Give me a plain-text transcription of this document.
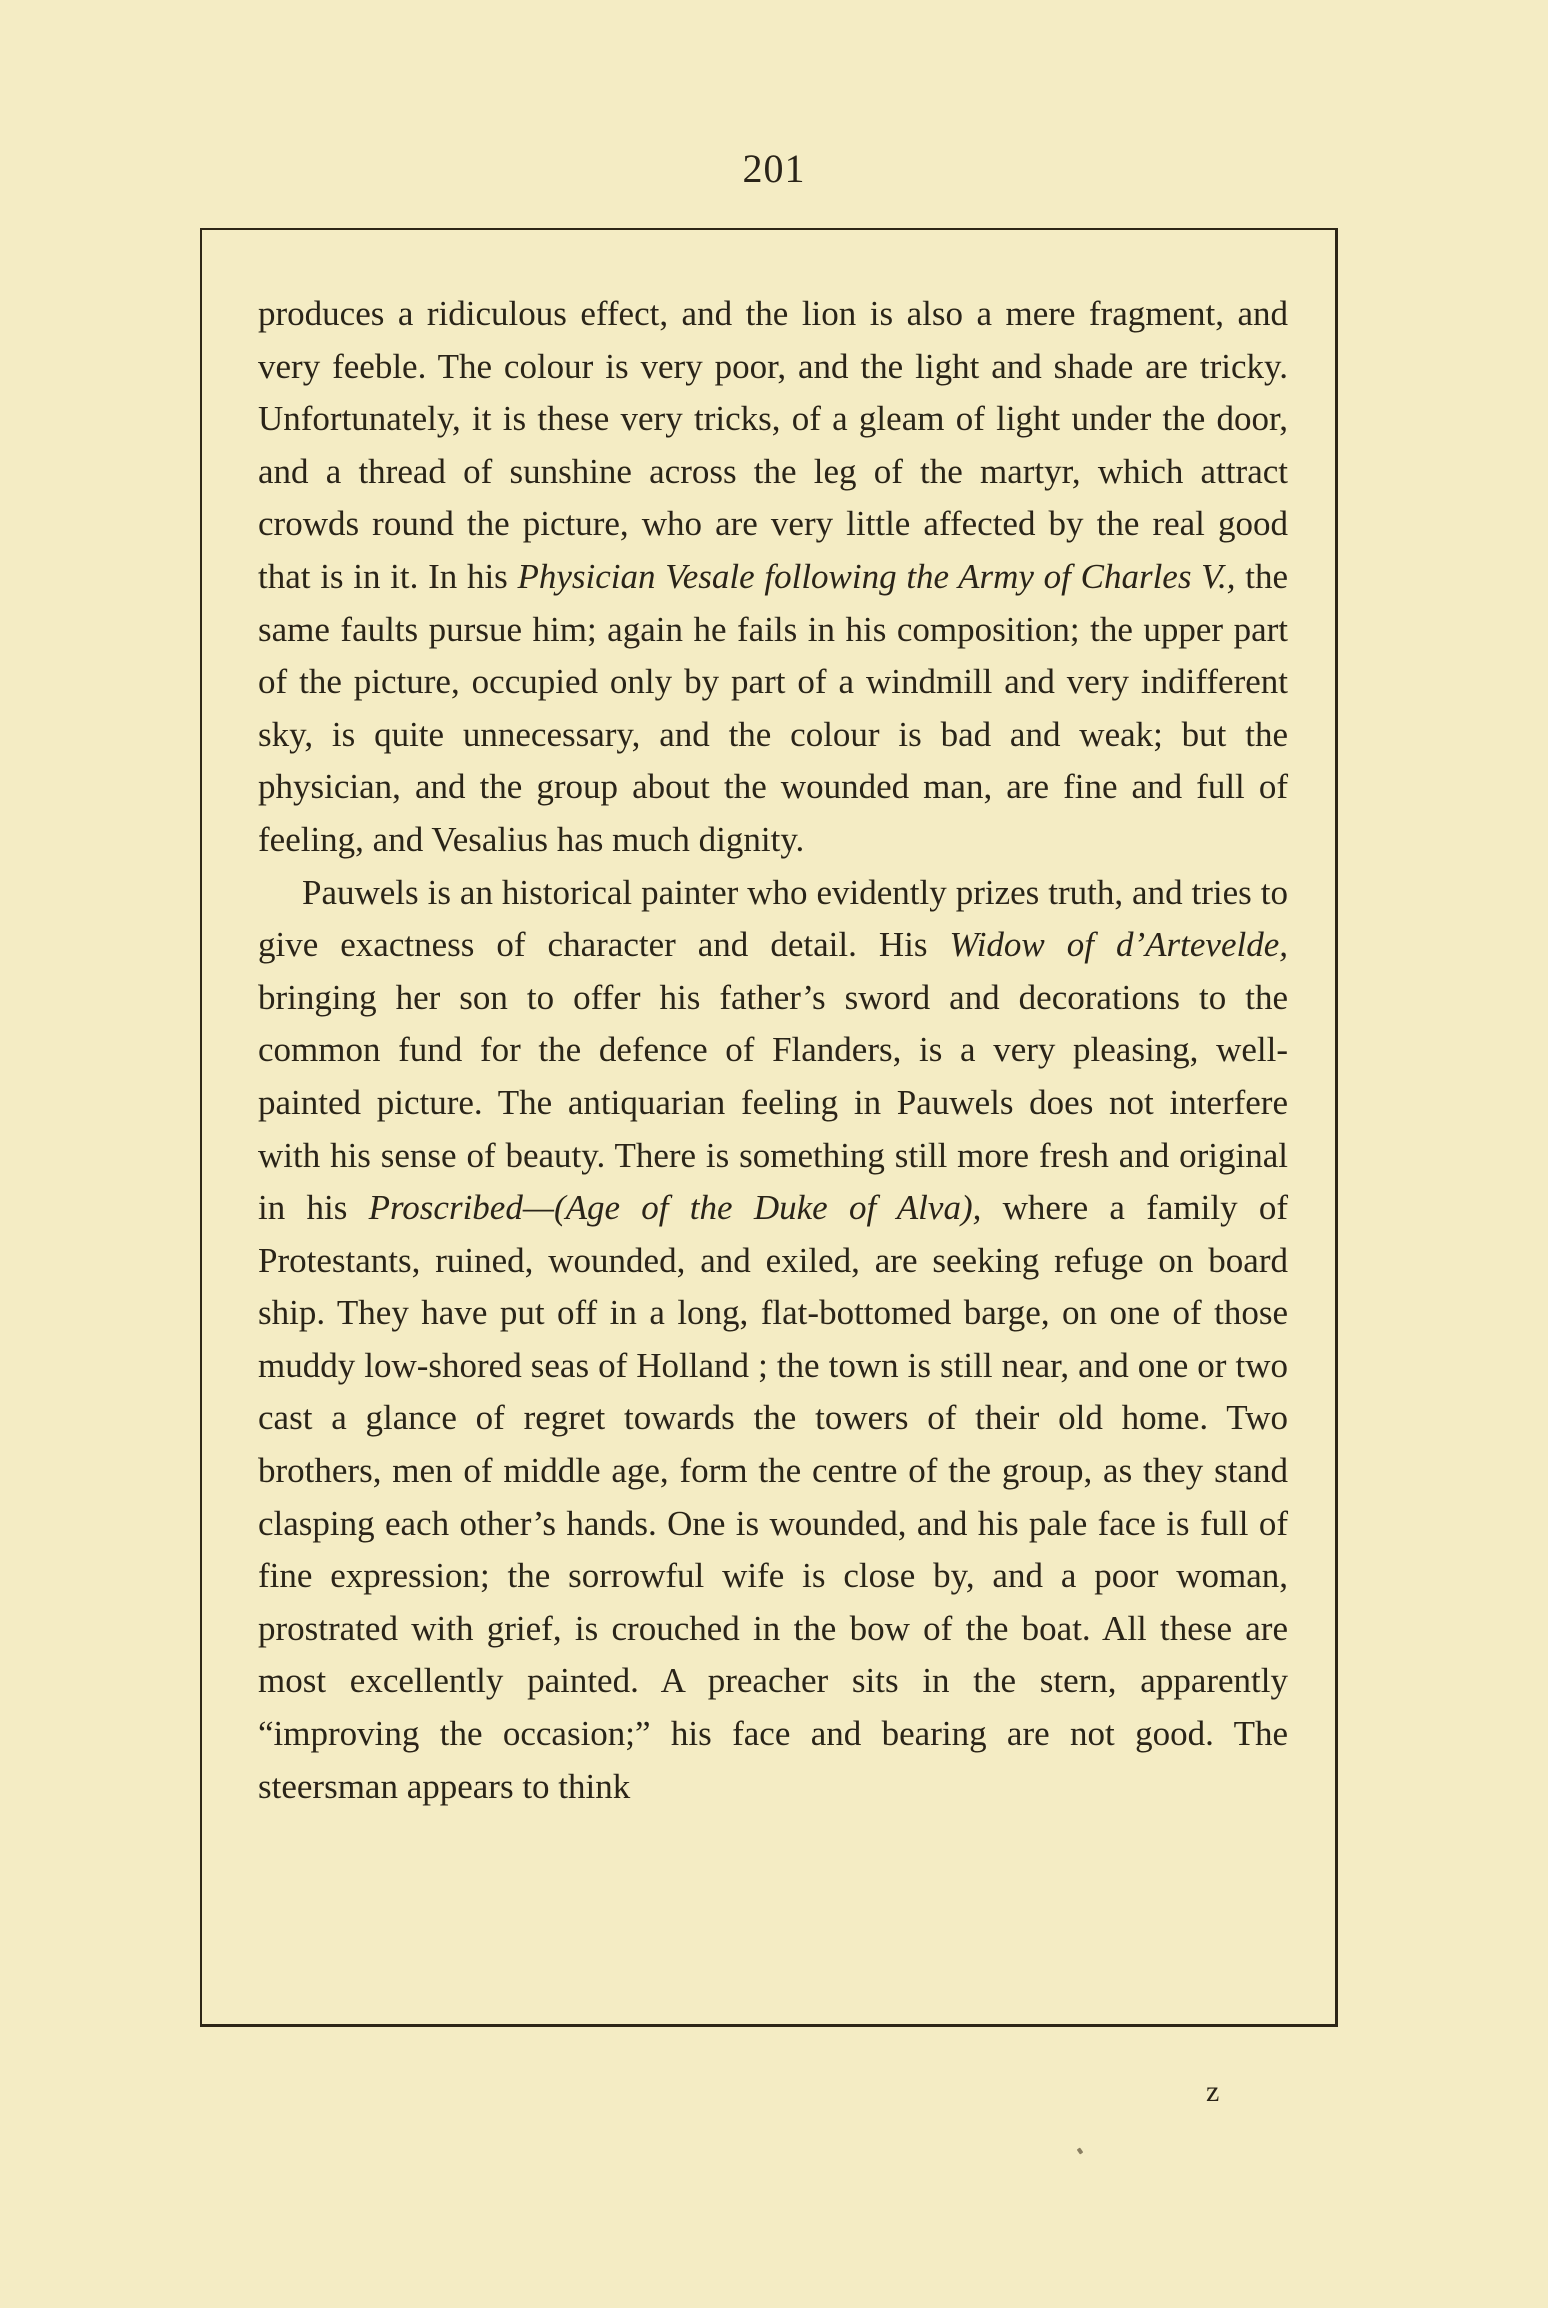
201

produces a ridiculous effect, and the lion is also a mere fragment, and very feeble. The colour is very poor, and the light and shade are tricky. Unfortunately, it is these very tricks, of a gleam of light under the door, and a thread of sunshine across the leg of the martyr, which attract crowds round the picture, who are very little affected by the real good that is in it. In his Physician Vesale following the Army of Charles V., the same faults pursue him; again he fails in his composition; the upper part of the picture, occupied only by part of a windmill and very indifferent sky, is quite unnecessary, and the colour is bad and weak; but the physician, and the group about the wounded man, are fine and full of feeling, and Vesalius has much dignity.

Pauwels is an historical painter who evidently prizes truth, and tries to give exactness of character and detail. His Widow of d’Artevelde, bringing her son to offer his father’s sword and decorations to the common fund for the defence of Flanders, is a very pleasing, well-painted picture. The antiquarian feeling in Pauwels does not interfere with his sense of beauty. There is something still more fresh and original in his Proscribed—(Age of the Duke of Alva), where a family of Protestants, ruined, wounded, and exiled, are seeking refuge on board ship. They have put off in a long, flat-bottomed barge, on one of those muddy low-shored seas of Holland ; the town is still near, and one or two cast a glance of regret towards the towers of their old home. Two brothers, men of middle age, form the centre of the group, as they stand clasping each other’s hands. One is wounded, and his pale face is full of fine expression; the sorrowful wife is close by, and a poor woman, prostrated with grief, is crouched in the bow of the boat. All these are most excellently painted. A preacher sits in the stern, apparently “improving the occasion;” his face and bearing are not good. The steersman appears to think

z
